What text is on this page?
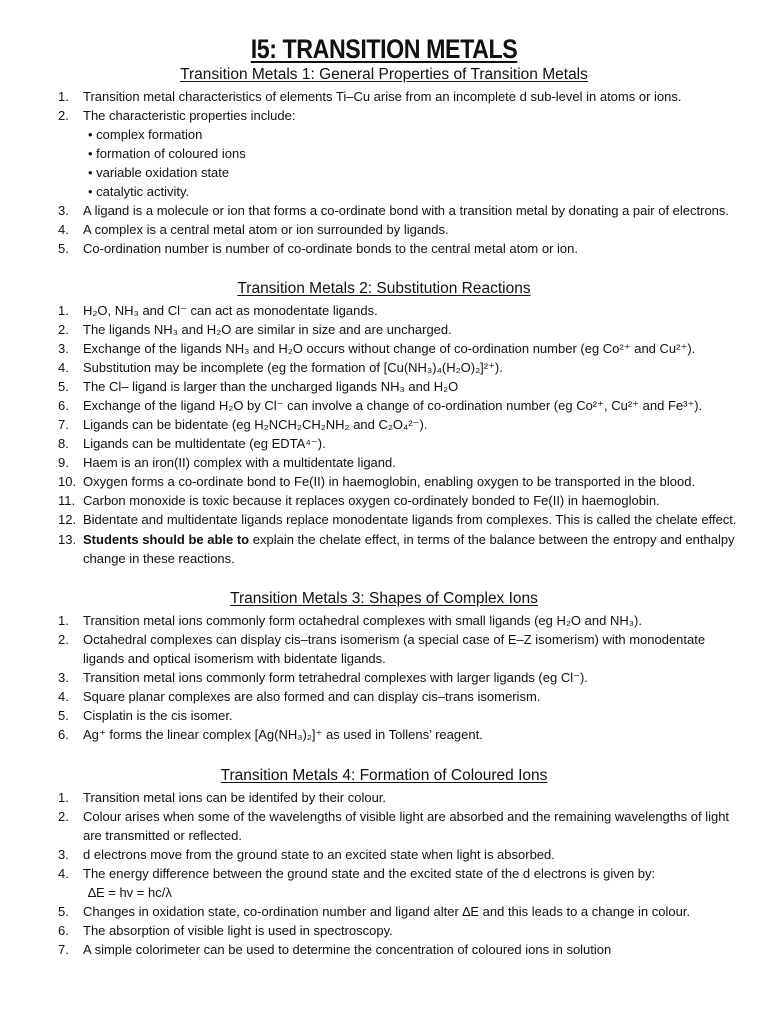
I5: TRANSITION METALS
Transition Metals 1: General Properties of Transition Metals
1. Transition metal characteristics of elements Ti–Cu arise from an incomplete d sub-level in atoms or ions.
2. The characteristic properties include:
• complex formation
• formation of coloured ions
• variable oxidation state
• catalytic activity.
3. A ligand is a molecule or ion that forms a co-ordinate bond with a transition metal by donating a pair of electrons.
4. A complex is a central metal atom or ion surrounded by ligands.
5. Co-ordination number is number of co-ordinate bonds to the central metal atom or ion.
Transition Metals 2: Substitution Reactions
1. H₂O, NH₃ and Cl⁻ can act as monodentate ligands.
2. The ligands NH₃ and H₂O are similar in size and are uncharged.
3. Exchange of the ligands NH₃ and H₂O occurs without change of co-ordination number (eg Co²⁺ and Cu²⁺).
4. Substitution may be incomplete (eg the formation of [Cu(NH₃)₄(H₂O)₂]²⁺).
5. The Cl– ligand is larger than the uncharged ligands NH₃ and H₂O
6. Exchange of the ligand H₂O by Cl⁻ can involve a change of co-ordination number (eg Co²⁺, Cu²⁺ and Fe³⁺).
7. Ligands can be bidentate (eg H₂NCH₂CH₂NH₂ and C₂O₄²⁻).
8. Ligands can be multidentate (eg EDTA⁴⁻).
9. Haem is an iron(II) complex with a multidentate ligand.
10. Oxygen forms a co-ordinate bond to Fe(II) in haemoglobin, enabling oxygen to be transported in the blood.
11. Carbon monoxide is toxic because it replaces oxygen co-ordinately bonded to Fe(II) in haemoglobin.
12. Bidentate and multidentate ligands replace monodentate ligands from complexes. This is called the chelate effect.
13. Students should be able to explain the chelate effect, in terms of the balance between the entropy and enthalpy
change in these reactions.
Transition Metals 3: Shapes of Complex Ions
1. Transition metal ions commonly form octahedral complexes with small ligands (eg H₂O and NH₃).
2. Octahedral complexes can display cis–trans isomerism (a special case of E–Z isomerism) with monodentate
ligands and optical isomerism with bidentate ligands.
3. Transition metal ions commonly form tetrahedral complexes with larger ligands (eg Cl⁻).
4. Square planar complexes are also formed and can display cis–trans isomerism.
5. Cisplatin is the cis isomer.
6. Ag⁺ forms the linear complex [Ag(NH₃)₂]⁺ as used in Tollens’ reagent.
Transition Metals 4: Formation of Coloured Ions
1. Transition metal ions can be identifed by their colour.
2. Colour arises when some of the wavelengths of visible light are absorbed and the remaining wavelengths of light
are transmitted or reflected.
3. d electrons move from the ground state to an excited state when light is absorbed.
4. The energy difference between the ground state and the excited state of the d electrons is given by:
∆E = hv = hc/λ
5. Changes in oxidation state, co-ordination number and ligand alter ∆E and this leads to a change in colour.
6. The absorption of visible light is used in spectroscopy.
7. A simple colorimeter can be used to determine the concentration of coloured ions in solution
